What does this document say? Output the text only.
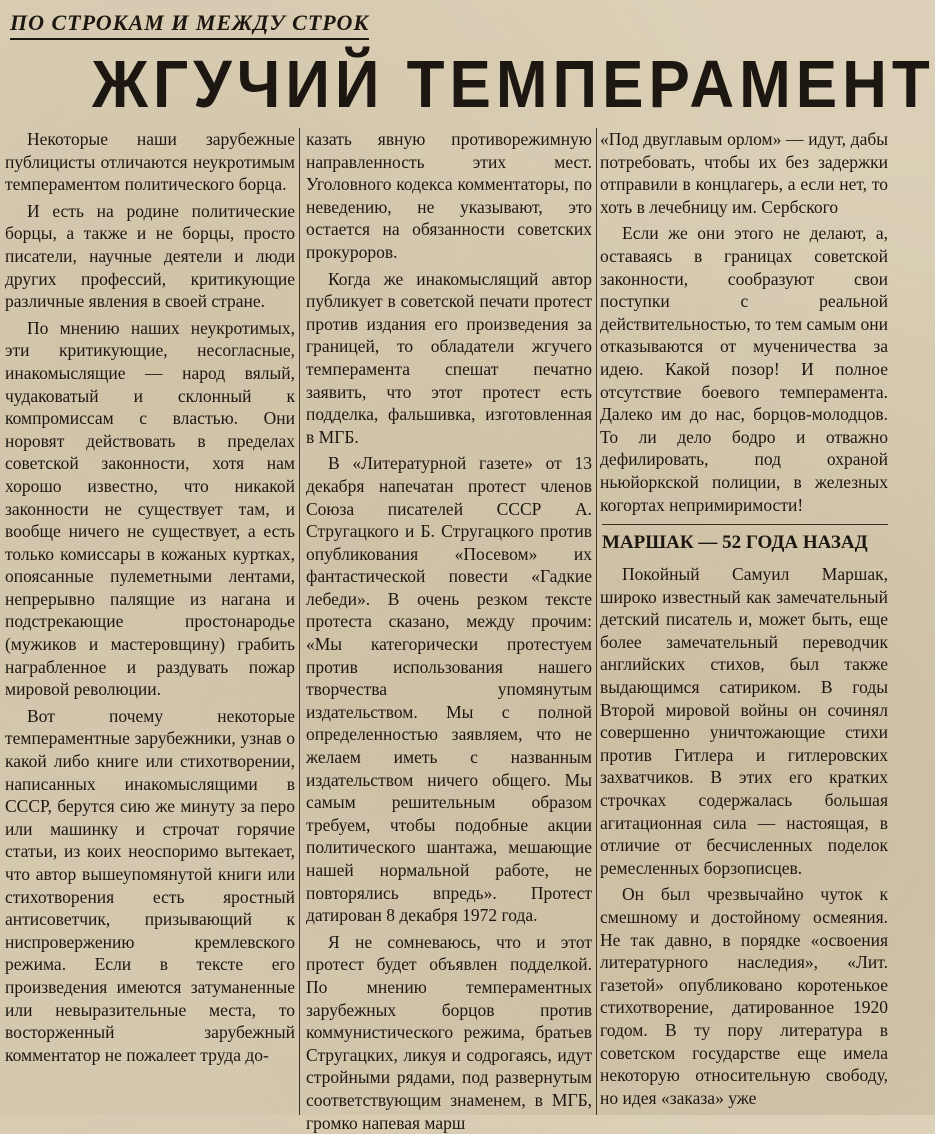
ПО СТРОКАМ И МЕЖДУ СТРОК
ЖГУЧИЙ ТЕМПЕРАМЕНТ

Некоторые наши зарубежные публицисты отличаются неукротимым темпераментом политического борца.

И есть на родине политические борцы, а также и не борцы, просто писатели, научные деятели и люди других профессий, критикующие различные явления в своей стране.

По мнению наших неукротимых, эти критикующие, несогласные, инакомыслящие — народ вялый, чудаковатый и склонный к компромиссам с властью. Они норовят действовать в пределах советской законности, хотя нам хорошо известно, что никакой законности не существует там, и вообще ничего не существует, а есть только комиссары в кожаных куртках, опоясанные пулеметными лентами, непрерывно палящие из нагана и подстрекающие простонародье (мужиков и мастеровщину) грабить награбленное и раздувать пожар мировой революции.

Вот почему некоторые темпераментные зарубежники, узнав о какой либо книге или стихотворении, написанных инакомыслящими в СССР, берутся сию же минуту за перо или машинку и строчат горячие статьи, из коих неоспоримо вытекает, что автор вышеупомянутой книги или стихотворения есть яростный антисоветчик, призывающий к ниспровержению кремлевского режима. Если в тексте его произведения имеются затуманенные или невыразительные места, то восторженный зарубежный комментатор не пожалеет труда до-

казать явную противорежимную направленность этих мест. Уголовного кодекса комментаторы, по неведению, не указывают, это остается на обязанности советских прокуроров.

Когда же инакомыслящий автор публикует в советской печати протест против издания его произведения за границей, то обладатели жгучего темперамента спешат печатно заявить, что этот протест есть подделка, фальшивка, изготовленная в МГБ.

В «Литературной газете» от 13 декабря напечатан протест членов Союза писателей СССР А. Стругацкого и Б. Стругацкого против опубликования «Посевом» их фантастической повести «Гадкие лебеди». В очень резком тексте протеста сказано, между прочим: «Мы категорически протестуем против использования нашего творчества упомянутым издательством. Мы с полной определенностью заявляем, что не желаем иметь с названным издательством ничего общего. Мы самым решительным образом требуем, чтобы подобные акции политического шантажа, мешающие нашей нормальной работе, не повторялись впредь». Протест датирован 8 декабря 1972 года.

Я не сомневаюсь, что и этот протест будет объявлен подделкой. По мнению темпераментных зарубежных борцов против коммунистического режима, братьев Стругацких, ликуя и содрогаясь, идут стройными рядами, под развернутым соответствующим знаменем, в МГБ, громко напевая марш

«Под двуглавым орлом» — идут, дабы потребовать, чтобы их без задержки отправили в концлагерь, а если нет, то хоть в лечебницу им. Сербского

Если же они этого не делают, а, оставаясь в границах советской законности, сообразуют свои поступки с реальной действительностью, то тем самым они отказываются от мученичества за идею. Какой позор! И полное отсутствие боевого темперамента. Далеко им до нас, борцов-молодцов. То ли дело бодро и отважно дефилировать, под охраной ньюйоркской полиции, в железных когортах непримиримости!

МАРШАК — 52 ГОДА НАЗАД

Покойный Самуил Маршак, широко известный как замечательный детский писатель и, может быть, еще более замечательный переводчик английских стихов, был также выдающимся сатириком. В годы Второй мировой войны он сочинял совершенно уничтожающие стихи против Гитлера и гитлеровских захватчиков. В этих его кратких строчках содержалась большая агитационная сила — настоящая, в отличие от бесчисленных поделок ремесленных борзописцев.

Он был чрезвычайно чуток к смешному и достойному осмеяния. Не так давно, в порядке «освоения литературного наследия», «Лит. газетой» опубликовано коротенькое стихотворение, датированное 1920 годом. В ту пору литература в советском государстве еще имела некоторую относительную свободу, но идея «заказа» уже
